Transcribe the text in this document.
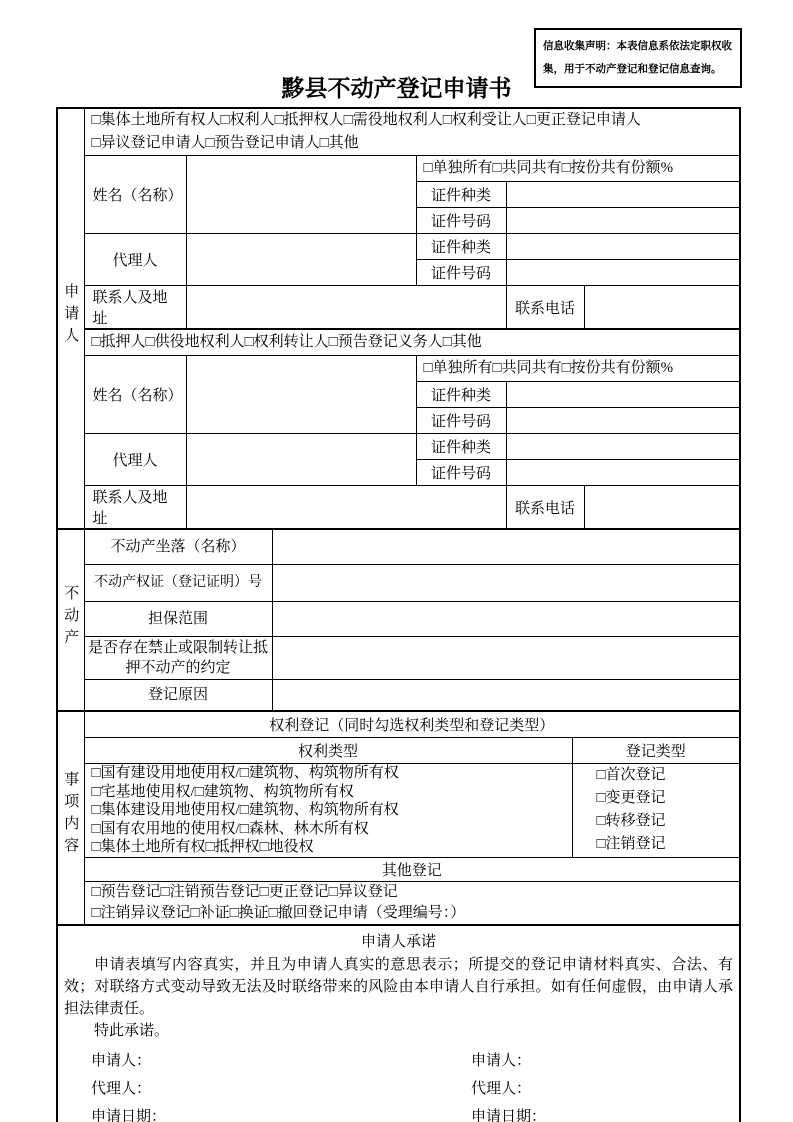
信息收集声明：本表信息系依法定职权收集，用于不动产登记和登记信息查询。
黟县不动产登记申请书
申请人	□集体土地所有权人□权利人□抵押权人□需役地权利人□权利受让人□更正登记申请人
□异议登记申请人□预告登记申请人□其他				

	姓名（名称）		□单独所有□共同共有□按份共有份额%		
			证件种类		
			证件号码		
	代理人		证件种类		
			证件号码		
	联系人及地址			联系电话	
	□抵押人□供役地权利人□权利转让人□预告登记义务人□其他				
	姓名（名称）		□单独所有□共同共有□按份共有份额%		
			证件种类		
			证件号码		
	代理人		证件种类		
			证件号码		
	联系人及地址			联系电话	
不动产	不动产坐落（名称）	
	不动产权证（登记证明）号	
	担保范围	
	是否存在禁止或限制转让抵押不动产的约定	
	登记原因	
事项内容	权利登记（同时勾选权利类型和登记类型）	
	权利类型	登记类型

□国有建设用地使用权/□建筑物、构筑物所有权
□宅基地使用权/□建筑物、构筑物所有权
□集体建设用地使用权/□建筑物、构筑物所有权
□国有农用地的使用权/□森林、林木所有权
□集体土地所有权□抵押权□地役权

□首次登记
□变更登记
□转移登记
□注销登记

	其他登记	

	□预告登记□注销预告登记□更正登记□异议登记
□注销异议登记□补证□换证□撤回登记申请（受理编号：）	
申请人承诺

申请表填写内容真实，并且为申请人真实的意思表示；所提交的登记申请材料真实、合法、有效；对联络方式变动导致无法及时联络带来的风险由本申请人自行承担。如有任何虚假，由申请人承担法律责任。

特此承诺。

申请人：	申请人：
代理人：	代理人：
申请日期：	申请日期：
